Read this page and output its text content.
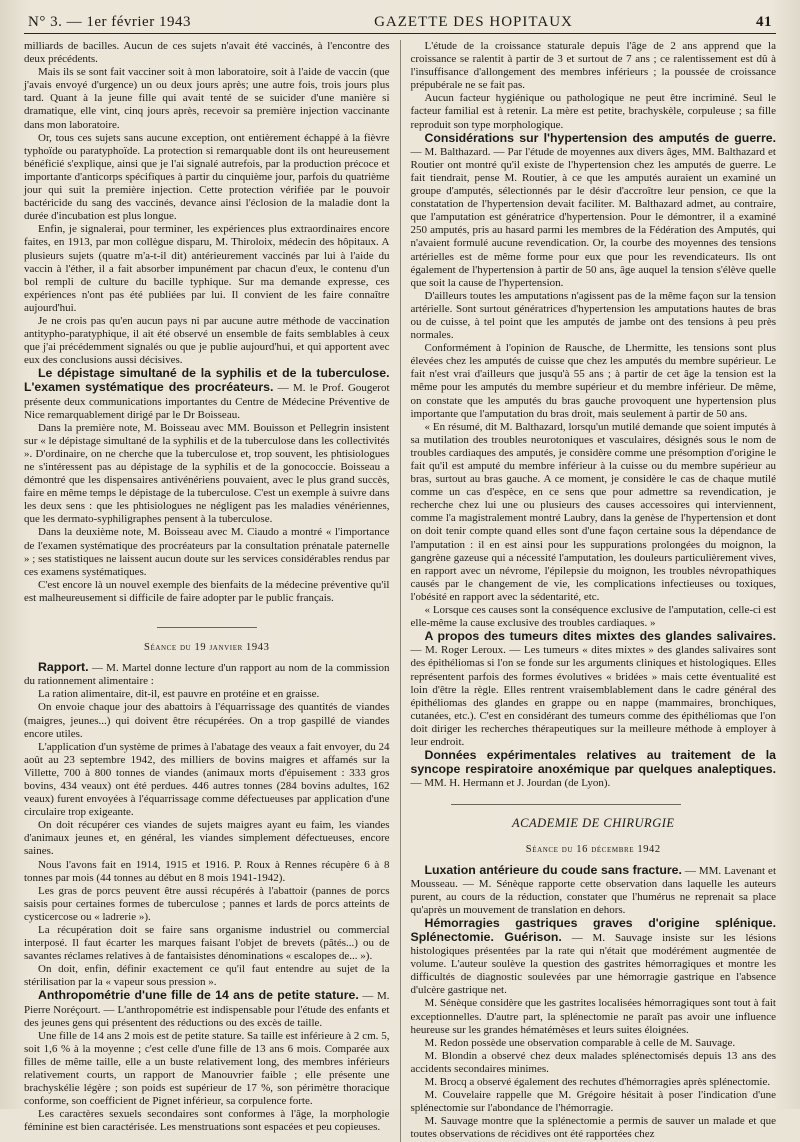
N° 3. — 1er février 1943	GAZETTE DES HOPITAUX	41

milliards de bacilles. Aucun de ces sujets n'avait été vaccinés, à l'encontre des deux précédents.

Mais ils se sont fait vacciner soit à mon laboratoire, soit à l'aide de vaccin (que j'avais envoyé d'urgence) un ou deux jours après; une autre fois, trois jours plus tard. Quant à la jeune fille qui avait tenté de se suicider d'une manière si dramatique, elle vint, cinq jours après, recevoir sa première injection vaccinante dans mon laboratoire.

Or, tous ces sujets sans aucune exception, ont entièrement échappé à la fièvre typhoïde ou paratyphoïde. La protection si remarquable dont ils ont heureusement bénéficié s'explique, ainsi que je l'ai signalé autrefois, par la production précoce et importante d'anticorps spécifiques à partir du cinquième jour, parfois du quatrième jour qui suit la première injection. Cette protection vérifiée par le pouvoir bactéricide du sang des vaccinés, devance ainsi l'éclosion de la maladie dont la durée d'incubation est plus longue.

Enfin, je signalerai, pour terminer, les expériences plus extraordinaires encore faites, en 1913, par mon collègue disparu, M. Thiroloix, médecin des hôpitaux. A plusieurs sujets (quatre m'a-t-il dit) antérieurement vaccinés par lui à l'aide du vaccin à l'éther, il a fait absorber impunément par chacun d'eux, le contenu d'un bol rempli de culture du bacille typhique. Sur ma demande expresse, ces expériences n'ont pas été publiées par lui. Il convient de les faire connaître aujourd'hui.

Je ne crois pas qu'en aucun pays ni par aucune autre méthode de vaccination antitypho-paratyphique, il ait été observé un ensemble de faits semblables à ceux que j'ai précédemment signalés ou que je publie aujourd'hui, et qui apportent avec eux des conclusions aussi décisives.

Le dépistage simultané de la syphilis et de la tuberculose. L'examen systématique des procréateurs. — M. le Prof. Gougerot présente deux communications importantes du Centre de Médecine Préventive de Nice remarquablement dirigé par le Dr Boisseau.

Dans la première note, M. Boisseau avec MM. Bouisson et Pellegrin insistent sur « le dépistage simultané de la syphilis et de la tuberculose dans les collectivités ». D'ordinaire, on ne cherche que la tuberculose et, trop souvent, les phtisiologues ne s'intéressent pas au dépistage de la syphilis et de la gonococcie. Boisseau a démontré que les dispensaires antivénériens pouvaient, avec le plus grand succès, faire en même temps le dépistage de la tuberculose. C'est un exemple à suivre dans les deux sens : que les phtisiologues ne négligent pas les maladies vénériennes, que les dermato-syphiligraphes pensent à la tuberculose.

Dans la deuxième note, M. Boisseau avec M. Ciaudo a montré « l'importance de l'examen systématique des procréateurs par la consultation prénatale paternelle » ; ses statistiques ne laissent aucun doute sur les services considérables rendus par ces examens systématiques.

C'est encore là un nouvel exemple des bienfaits de la médecine préventive qu'il est malheureusement si difficile de faire adopter par le public français.

Séance du 19 janvier 1943

Rapport. — M. Martel donne lecture d'un rapport au nom de la commission du rationnement alimentaire :

La ration alimentaire, dit-il, est pauvre en protéine et en graisse.

On envoie chaque jour des abattoirs à l'équarrissage des quantités de viandes (maigres, jeunes...) qui doivent être récupérées. On a trop gaspillé de viandes encore utiles.

L'application d'un système de primes à l'abatage des veaux a fait envoyer, du 24 août au 23 septembre 1942, des milliers de bovins maigres et affamés sur la Villette, 700 à 800 tonnes de viandes (animaux morts d'épuisement : 333 gros bovins, 434 veaux) ont été perdues. 446 autres tonnes (284 bovins adultes, 162 veaux) furent envoyées à l'équarrissage comme défectueuses par application d'une circulaire trop exigeante.

On doit récupérer ces viandes de sujets maigres ayant eu faim, les viandes d'animaux jeunes et, en général, les viandes simplement défectueuses, encore saines.

Nous l'avons fait en 1914, 1915 et 1916. P. Roux à Rennes récupère 6 à 8 tonnes par mois (44 tonnes au début en 8 mois 1941-1942).

Les gras de porcs peuvent être aussi récupérés à l'abattoir (pannes de porcs saisis pour certaines formes de tuberculose ; pannes et lards de porcs atteints de cysticercose ou « ladrerie »).

La récupération doit se faire sans organisme industriel ou commercial interposé. Il faut écarter les marques faisant l'objet de brevets (pâtés...) ou de savantes réclames relatives à de fantaisistes dénominations « escalopes de... »).

On doit, enfin, définir exactement ce qu'il faut entendre au sujet de la stérilisation par la « vapeur sous pression ».

Anthropométrie d'une fille de 14 ans de petite stature. — M. Pierre Noréçourt. — L'anthropométrie est indispensable pour l'étude des enfants et des jeunes gens qui présentent des réductions ou des excès de taille.

Une fille de 14 ans 2 mois est de petite stature. Sa taille est inférieure à 2 cm. 5, soit 1,6 % à la moyenne ; c'est celle d'une fille de 13 ans 6 mois. Comparée aux filles de même taille, elle a un buste relativement long, des membres inférieurs relativement courts, un rapport de Manouvrier faible ; elle présente une brachyskélie légère ; son poids est supérieur de 17 %, son périmètre thoracique conforme, son coefficient de Pignet inférieur, sa corpulence forte.

Les caractères sexuels secondaires sont conformes à l'âge, la morphologie féminine est bien caractérisée. Les menstruations sont espacées et peu copieuses.

L'étude de la croissance staturale depuis l'âge de 2 ans apprend que la croissance se ralentit à partir de 3 et surtout de 7 ans ; ce ralentissement est dû à l'insuffisance d'allongement des membres inférieurs ; la poussée de croissance prépubérale ne se fait pas.

Aucun facteur hygiénique ou pathologique ne peut être incriminé. Seul le facteur familial est à retenir. La mère est petite, brachyskèle, corpuleuse ; sa fille reproduit son type morphologique.

Considérations sur l'hypertension des amputés de guerre. — M. Balthazard. — Par l'étude de moyennes aux divers âges, MM. Balthazard et Routier ont montré qu'il existe de l'hypertension chez les amputés de guerre. Le fait tiendrait, pense M. Routier, à ce que les amputés auraient un examiné un groupe d'amputés, sélectionnés par le désir d'accroître leur pension, ce que la constatation de l'hypertension devait faciliter. M. Balthazard admet, au contraire, que l'amputation est génératrice d'hypertension. Pour le démontrer, il a examiné 250 amputés, pris au hasard parmi les membres de la Fédération des Amputés, qui n'avaient formulé aucune revendication. Or, la courbe des moyennes des tensions artérielles est de même forme pour eux que pour les revendicateurs. Ils ont également de l'hypertension à partir de 50 ans, âge auquel la tension s'élève quelle que soit la cause de l'hypertension.

D'ailleurs toutes les amputations n'agissent pas de la même façon sur la tension artérielle. Sont surtout génératrices d'hypertension les amputations hautes de bras ou de cuisse, à tel point que les amputés de jambe ont des tensions à peu près normales.

Conformément à l'opinion de Rausche, de Lhermitte, les tensions sont plus élevées chez les amputés de cuisse que chez les amputés du membre supérieur. Le fait n'est vrai d'ailleurs que jusqu'à 55 ans ; à partir de cet âge la tension est la même pour les amputés du membre supérieur et du membre inférieur. De même, on constate que les amputés du bras gauche provoquent une hypertension plus importante que l'amputation du bras droit, mais seulement à partir de 50 ans.

« En résumé, dit M. Balthazard, lorsqu'un mutilé demande que soient imputés à sa mutilation des troubles neurotoniques et vasculaires, désignés sous le nom de troubles cardiaques des amputés, je considère comme une présomption d'origine le fait qu'il est amputé du membre inférieur à la cuisse ou du membre supérieur au bras, surtout au bras gauche. A ce moment, je considère le cas de chaque mutilé comme un cas d'espèce, en ce sens que pour admettre sa revendication, je recherche chez lui une ou plusieurs des causes accessoires qui interviennent, comme l'a magistralement montré Laubry, dans la genèse de l'hypertension et dont on doit tenir compte quand elles sont d'une façon certaine sous la dépendance de l'amputation : il en est ainsi pour les suppurations prolongées du moignon, la gangrène gazeuse qui a nécessité l'amputation, les douleurs particulièrement vives, en rapport avec un névrome, l'épilepsie du moignon, les troubles névropathiques causés par le changement de vie, les complications infectieuses ou toxiques, l'obésité en rapport avec la sédentarité, etc.

« Lorsque ces causes sont la conséquence exclusive de l'amputation, celle-ci est elle-même la cause exclusive des troubles cardiaques. »

A propos des tumeurs dites mixtes des glandes salivaires. — M. Roger Leroux. — Les tumeurs « dites mixtes » des glandes salivaires sont des épithéliomas si l'on se fonde sur les arguments cliniques et histologiques. Elles représentent parfois des formes évolutives « bridées » mais cette éventualité est loin d'être la règle. Elles rentrent vraisemblablement dans le cadre général des épithéliomas des glandes en grappe ou en nappe (mammaires, bronchiques, cutanées, etc.). C'est en considérant des tumeurs comme des épithéliomas que l'on doit diriger les recherches thérapeutiques sur la meilleure méthode à employer à leur endroit.

Données expérimentales relatives au traitement de la syncope respiratoire anoxémique par quelques analeptiques. — MM. H. Hermann et J. Jourdan (de Lyon).

ACADEMIE DE CHIRURGIE
Séance du 16 décembre 1942

Luxation antérieure du coude sans fracture. — MM. Lavenant et Mousseau. — M. Sénèque rapporte cette observation dans laquelle les auteurs purent, au cours de la réduction, constater que l'humérus ne reprenait sa place qu'après un mouvement de translation en dehors.

Hémorragies gastriques graves d'origine splénique. Splénectomie. Guérison. — M. Sauvage insiste sur les lésions histologiques présentées par la rate qui n'était que modérément augmentée de volume. L'auteur soulève la question des gastrites hémorragiques et montre les difficultés de diagnostic soulevées par une hémorragie gastrique en l'absence d'ulcère gastrique net.

M. Sénèque considère que les gastrites localisées hémorragiques sont tout à fait exceptionnelles. D'autre part, la splénectomie ne paraît pas avoir une influence heureuse sur les grandes hématémèses et leurs suites éloignées.

M. Redon possède une observation comparable à celle de M. Sauvage.

M. Blondin a observé chez deux malades splénectomisés depuis 13 ans des accidents secondaires minimes.

M. Brocq a observé également des rechutes d'hémorragies après splénectomie.

M. Couvelaire rappelle que M. Grégoire hésitait à poser l'indication d'une splénectomie sur l'abondance de l'hémorragie.

M. Sauvage montre que la splénectomie a permis de sauver un malade et que toutes observations de récidives ont été rapportées chez
